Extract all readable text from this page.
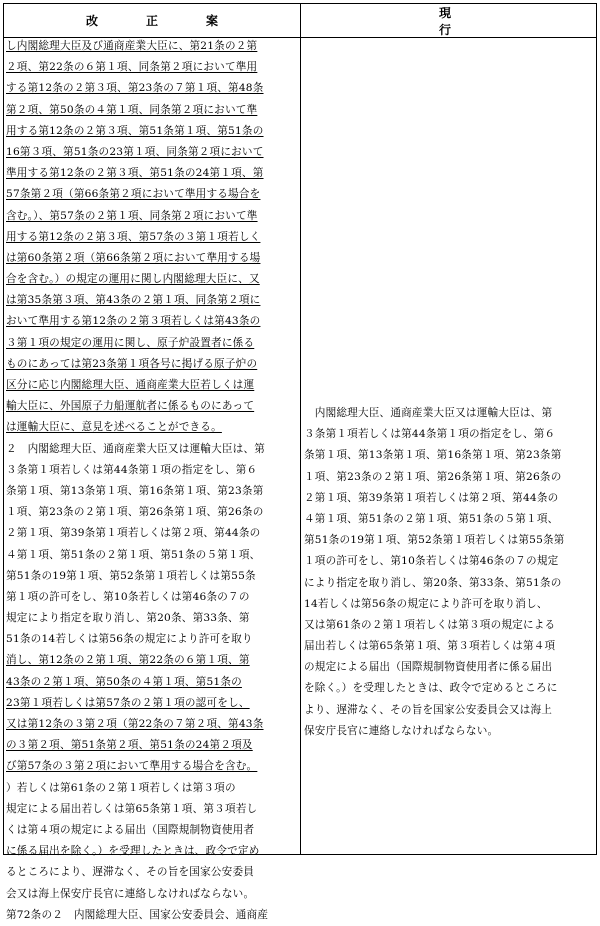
改正案
現行
し内閣総理大臣及び通商産業大臣に、第21条の２第
２項、第22条の６第１項、同条第２項において準用
する第12条の２第３項、第23条の７第１項、第48条
第２項、第50条の４第１項、同条第２項において準
用する第12条の２第３項、第51条第１項、第51条の
16第３項、第51条の23第１項、同条第２項において
準用する第12条の２第３項、第51条の24第１項、第
57条第２項（第66条第２項において準用する場合を
含む。）、第57条の２第１項、同条第２項において準
用する第12条の２第３項、第57条の３第１項若しく
は第60条第２項（第66条第２項において準用する場
合を含む。）の規定の運用に関し内閣総理大臣に、又
は第35条第３項、第43条の２第１項、同条第２項に
おいて準用する第12条の２第３項若しくは第43条の
３第１項の規定の運用に関し、原子炉設置者に係る
ものにあっては第23条第１項各号に掲げる原子炉の
区分に応じ内閣総理大臣、通商産業大臣若しくは運
輸大臣に、外国原子力船運航者に係るものにあって
は運輸大臣に、意見を述べることができる。
２　内閣総理大臣、通商産業大臣又は運輸大臣は、第
３条第１項若しくは第44条第１項の指定をし、第６
条第１項、第13条第１項、第16条第１項、第23条第
１項、第23条の２第１項、第26条第１項、第26条の
２第１項、第39条第１項若しくは第２項、第44条の
４第１項、第51条の２第１項、第51条の５第１項、
第51条の19第１項、第52条第１項若しくは第55条
第１項の許可をし、第10条若しくは第46条の７の
規定により指定を取り消し、第20条、第33条、第
51条の14若しくは第56条の規定により許可を取り
消し、第12条の２第１項、第22条の６第１項、第
43条の２第１項、第50条の４第１項、第51条の
23第１項若しくは第57条の２第１項の認可をし、
又は第12条の３第２項（第22条の７第２項、第43条
の３第２項、第51条第２項、第51条の24第２項及
び第57条の３第２項において準用する場合を含む。
）若しくは第61条の２第１項若しくは第３項の
規定による届出若しくは第65条第１項、第３項若し
くは第４項の規定による届出（国際規制物資使用者
に係る届出を除く。）を受理したときは、政令で定め
るところにより、遅滞なく、その旨を国家公安委員
会又は海上保安庁長官に連絡しなければならない。
第72条の２　内閣総理大臣、国家公安委員会、通商産
　内閣総理大臣、通商産業大臣又は運輸大臣は、第
３条第１項若しくは第44条第１項の指定をし、第６
条第１項、第13条第１項、第16条第１項、第23条第
１項、第23条の２第１項、第26条第１項、第26条の
２第１項、第39条第１項若しくは第２項、第44条の
４第１項、第51条の２第１項、第51条の５第１項、
第51条の19第１項、第52条第１項若しくは第55条第
１項の許可をし、第10条若しくは第46条の７の規定
により指定を取り消し、第20条、第33条、第51条の
14若しくは第56条の規定により許可を取り消し、
又は第61条の２第１項若しくは第３項の規定による
届出若しくは第65条第１項、第３項若しくは第４項
の規定による届出（国際規制物資使用者に係る届出
を除く。）を受理したときは、政令で定めるところに
より、遅滞なく、その旨を国家公安委員会又は海上
保安庁長官に連絡しなければならない。
